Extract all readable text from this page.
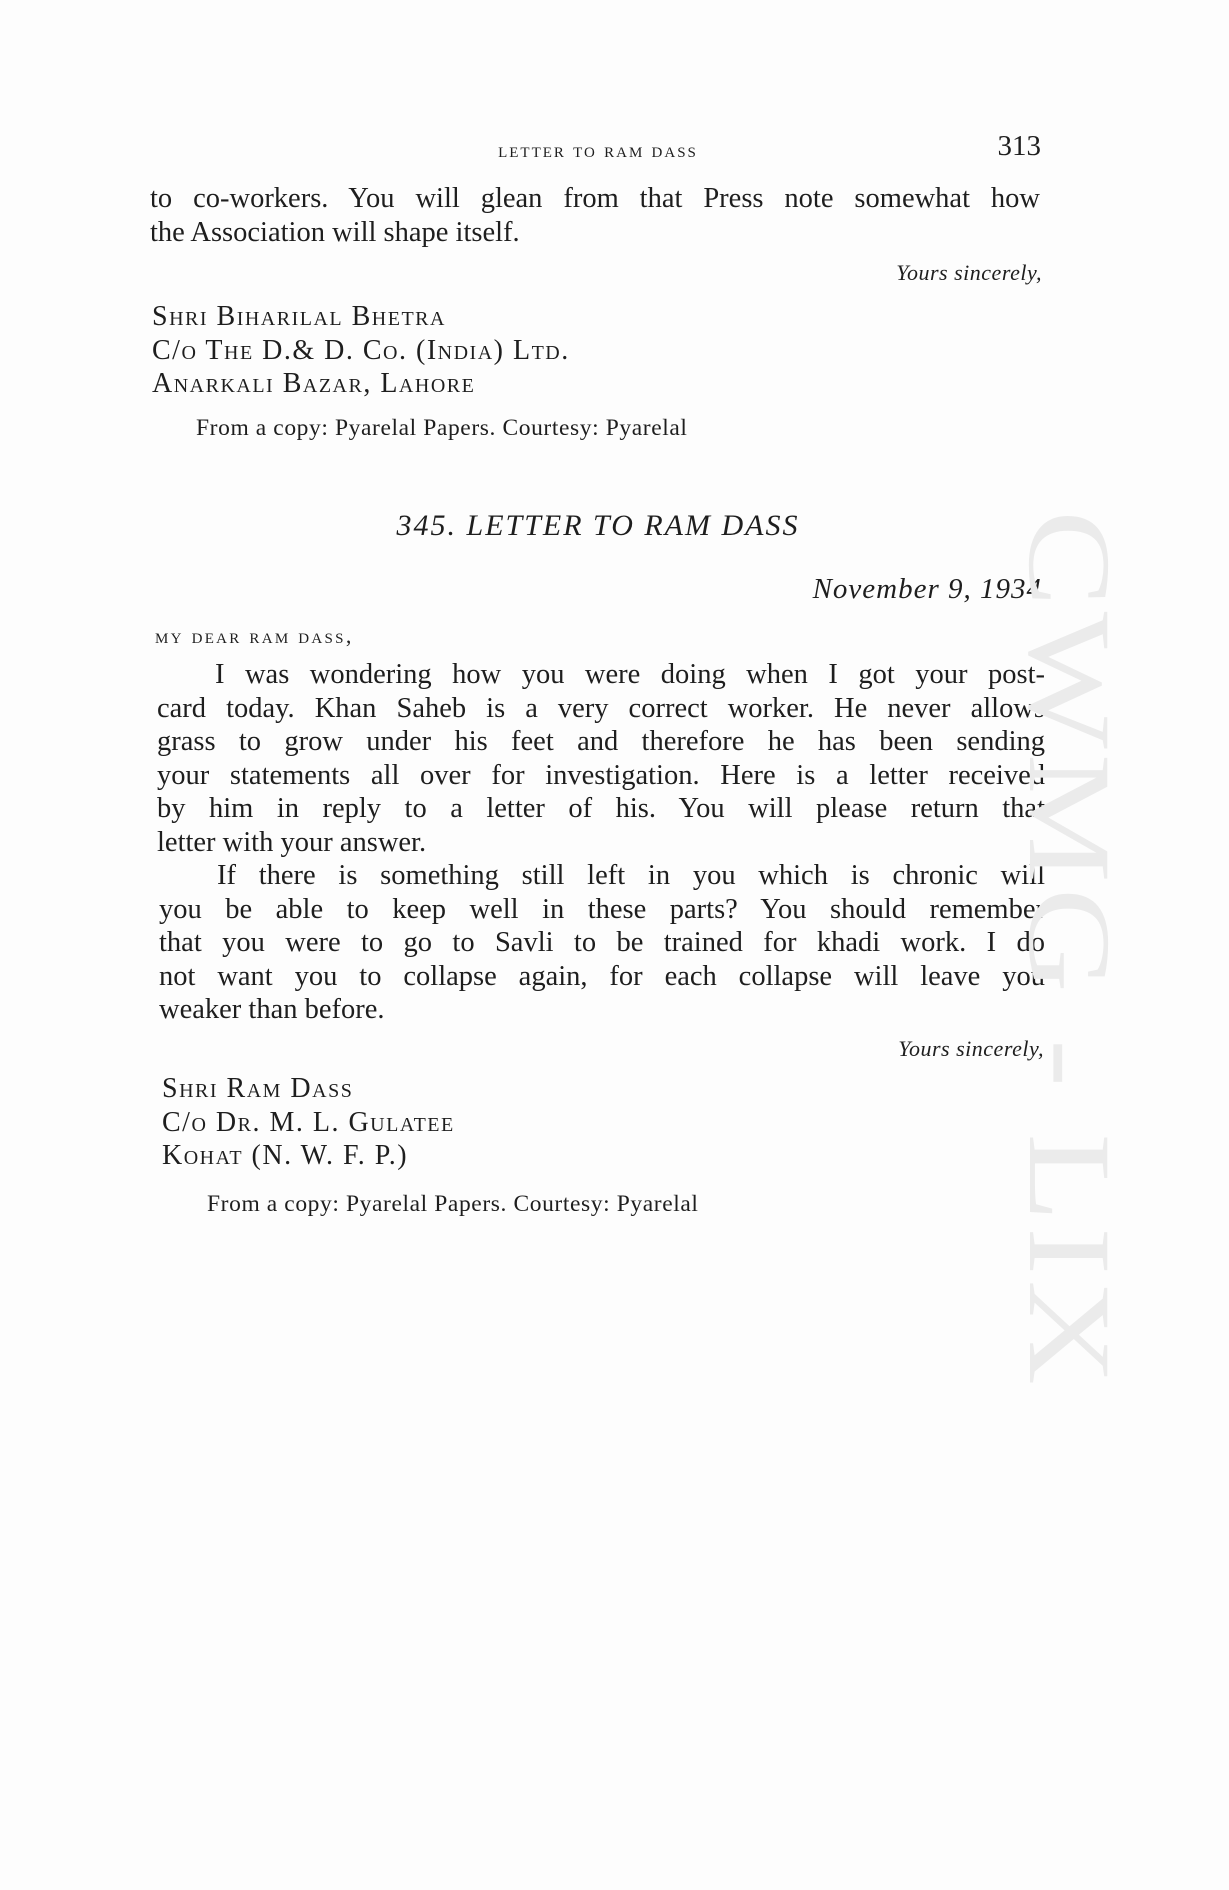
letter to ram dass	313
to co-workers. You will glean from that Press note somewhat how
the Association will shape itself.
Yours sincerely,
Shri Biharilal Bhetra
C/o The D.& D. Co. (India) Ltd.
Anarkali Bazar, Lahore
From a copy: Pyarelal Papers. Courtesy: Pyarelal
345. LETTER TO RAM DASS
November 9, 1934
my dear ram dass,
I was wondering how you were doing when I got your post-
card today. Khan Saheb is a very correct worker. He never allows
grass to grow under his feet and therefore he has been sending
your statements all over for investigation. Here is a letter received
by him in reply to a letter of his. You will please return that
letter with your answer.
If there is something still left in you which is chronic will
you be able to keep well in these parts? You should remember
that you were to go to Savli to be trained for khadi work. I do
not want you to collapse again, for each collapse will leave you
weaker than before.
Yours sincerely,
Shri Ram Dass
C/o Dr. M. L. Gulatee
Kohat (N. W. F. P.)
From a copy: Pyarelal Papers. Courtesy: Pyarelal	CWMG - LIX
